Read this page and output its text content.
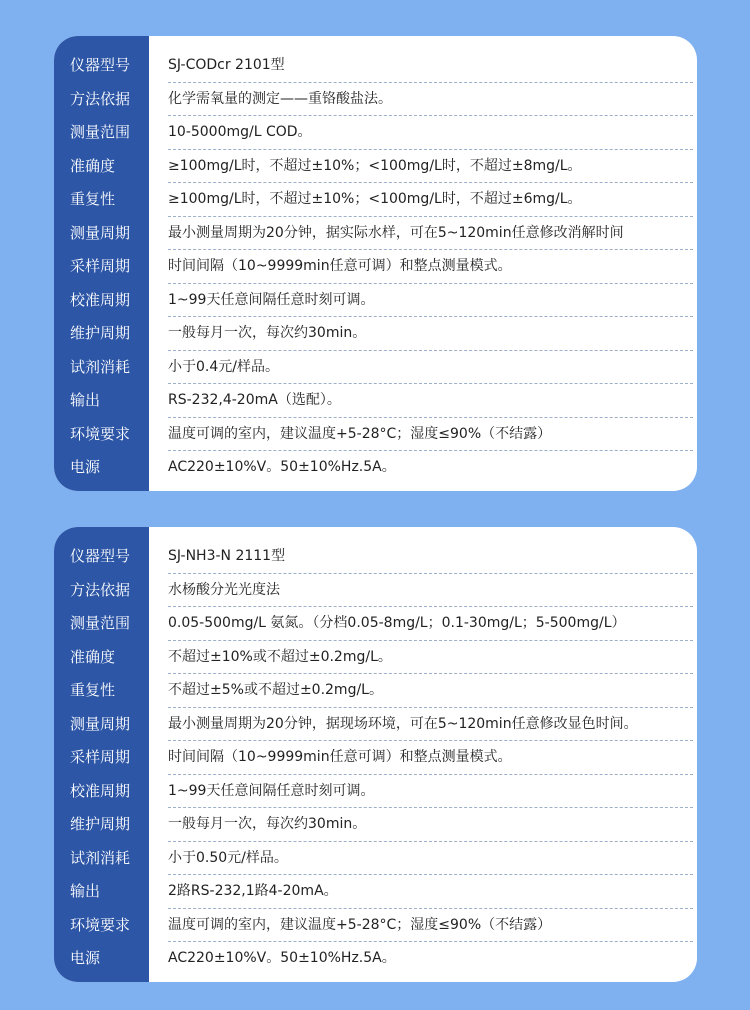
仪器型号	SJ-CODcr 2101型
方法依据	化学需氧量的测定——重铬酸盐法。
测量范围	10-5000mg/L COD。
准确度	≥100mg/L时，不超过±10%；<100mg/L时，不超过±8mg/L。
重复性	≥100mg/L时，不超过±10%；<100mg/L时，不超过±6mg/L。
测量周期	最小测量周期为20分钟，据实际水样，可在5~120min任意修改消解时间
采样周期	时间间隔（10~9999min任意可调）和整点测量模式。
校准周期	1~99天任意间隔任意时刻可调。
维护周期	一般每月一次，每次约30min。
试剂消耗	小于0.4元/样品。
输出	RS-232,4-20mA（选配）。
环境要求	温度可调的室内，建议温度+5-28°C；湿度≤90%（不结露）
电源	AC220±10%V。50±10%Hz.5A。
仪器型号	SJ-NH3-N 2111型
方法依据	水杨酸分光光度法
测量范围	0.05-500mg/L 氨氮。（分档0.05-8mg/L；0.1-30mg/L；5-500mg/L）
准确度	不超过±10%或不超过±0.2mg/L。
重复性	不超过±5%或不超过±0.2mg/L。
测量周期	最小测量周期为20分钟，据现场环境，可在5~120min任意修改显色时间。
采样周期	时间间隔（10~9999min任意可调）和整点测量模式。
校准周期	1~99天任意间隔任意时刻可调。
维护周期	一般每月一次，每次约30min。
试剂消耗	小于0.50元/样品。
输出	2路RS-232,1路4-20mA。
环境要求	温度可调的室内，建议温度+5-28°C；湿度≤90%（不结露）
电源	AC220±10%V。50±10%Hz.5A。
